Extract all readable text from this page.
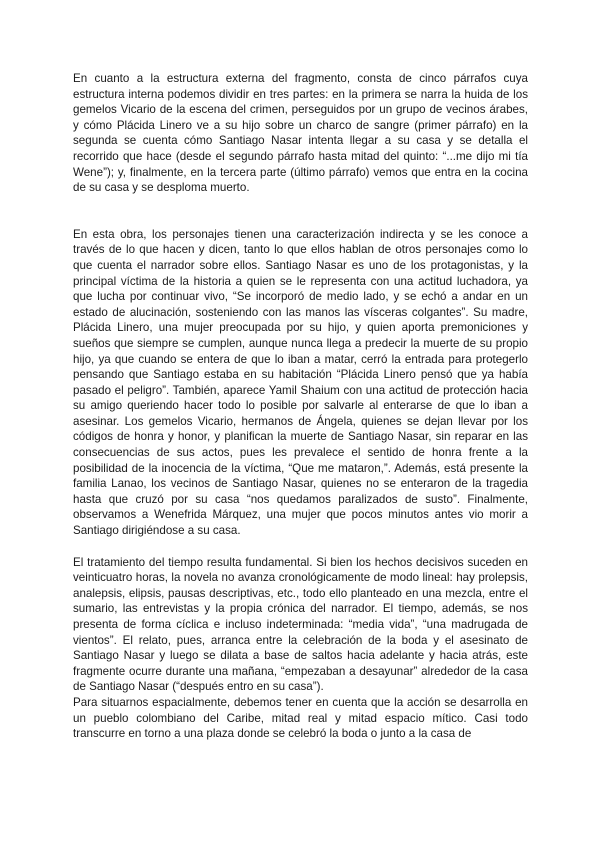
En cuanto a la estructura externa del fragmento, consta de cinco párrafos cuya estructura interna podemos dividir en tres partes: en la primera se narra la huida de los gemelos Vicario de la escena del crimen, perseguidos por un grupo de vecinos árabes, y cómo Plácida Linero ve a su hijo sobre un charco de sangre (primer párrafo) en la segunda se cuenta cómo Santiago Nasar intenta llegar a su casa y se detalla el recorrido que hace (desde el segundo párrafo hasta mitad del quinto: “...me dijo mi tía Wene”); y, finalmente, en la tercera parte (último párrafo) vemos que entra en la cocina de su casa y se desploma muerto.

En esta obra, los personajes tienen una caracterización indirecta y se les conoce a través de lo que hacen y dicen, tanto lo que ellos hablan de otros personajes como lo que cuenta el narrador sobre ellos. Santiago Nasar es uno de los protagonistas, y la principal víctima de la historia a quien se le representa con una actitud luchadora, ya que lucha por continuar vivo, “Se incorporó de medio lado, y se echó a andar en un estado de alucinación, sosteniendo con las manos las vísceras colgantes”. Su madre, Plácida Linero, una mujer preocupada por su hijo, y quien aporta premoniciones y sueños que siempre se cumplen, aunque nunca llega a predecir la muerte de su propio hijo, ya que cuando se entera de que lo iban a matar, cerró la entrada para protegerlo pensando que Santiago estaba en su habitación “Plácida Linero pensó que ya había pasado el peligro”. También, aparece Yamil Shaium con una actitud de protección hacia su amigo queriendo hacer todo lo posible por salvarle al enterarse de que lo iban a asesinar. Los gemelos Vicario, hermanos de Ángela, quienes se dejan llevar por los códigos de honra y honor, y planifican la muerte de Santiago Nasar, sin reparar en las consecuencias de sus actos, pues les prevalece el sentido de honra frente a la posibilidad de la inocencia de la víctima, “Que me mataron,”. Además, está presente la familia Lanao, los vecinos de Santiago Nasar, quienes no se enteraron de la tragedia hasta que cruzó por su casa “nos quedamos paralizados de susto”. Finalmente, observamos a Wenefrida Márquez, una mujer que pocos minutos antes vio morir a Santiago dirigiéndose a su casa.

El tratamiento del tiempo resulta fundamental. Si bien los hechos decisivos suceden en veinticuatro horas, la novela no avanza cronológicamente de modo lineal: hay prolepsis, analepsis, elipsis, pausas descriptivas, etc., todo ello planteado en una mezcla, entre el sumario, las entrevistas y la propia crónica del narrador. El tiempo, además, se nos presenta de forma cíclica e incluso indeterminada: “media vida”, “una madrugada de vientos”. El relato, pues, arranca entre la celebración de la boda y el asesinato de Santiago Nasar y luego se dilata a base de saltos hacia adelante y hacia atrás, este fragmente ocurre durante una mañana, “empezaban a desayunar” alrededor de la casa de Santiago Nasar (“después entro en su casa”).

Para situarnos espacialmente, debemos tener en cuenta que la acción se desarrolla en un pueblo colombiano del Caribe, mitad real y mitad espacio mítico. Casi todo transcurre en torno a una plaza donde se celebró la boda o junto a la casa de
